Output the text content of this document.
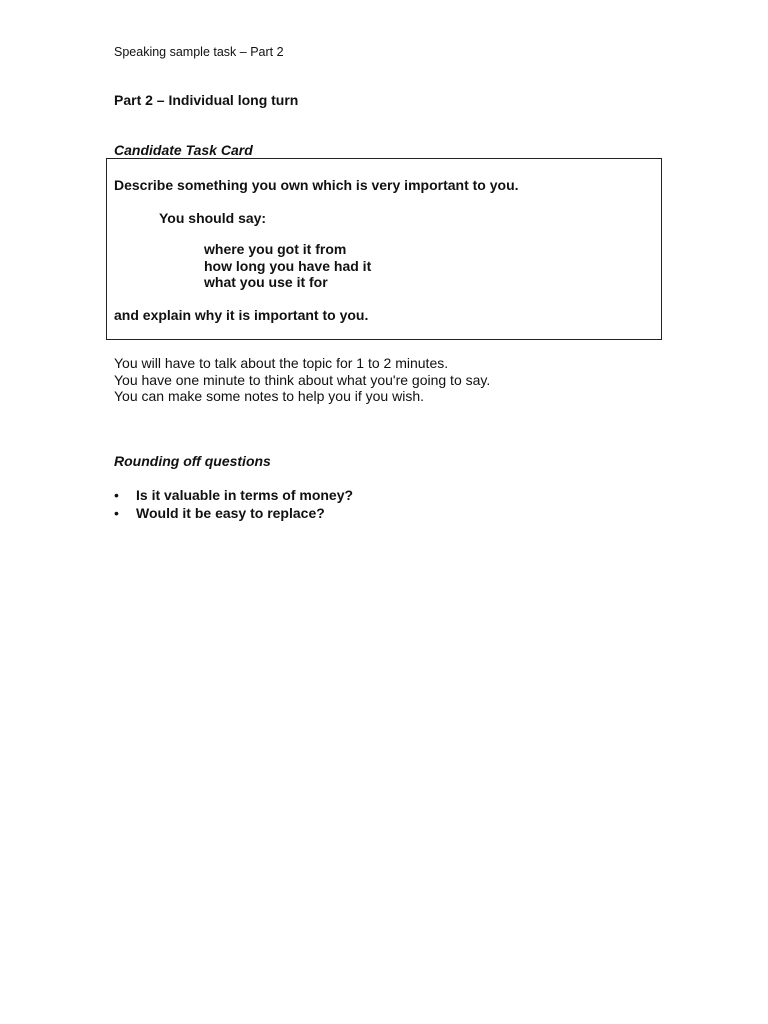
Speaking sample task – Part 2
Part 2 – Individual long turn
Candidate Task Card
Describe something you own which is very important to you.
You should say:
where you got it from
how long you have had it
what you use it for
and explain why it is important to you.
You will have to talk about the topic for 1 to 2 minutes.
You have one minute to think about what you're going to say.
You can make some notes to help you if you wish.
Rounding off questions
• Is it valuable in terms of money?
• Would it be easy to replace?
